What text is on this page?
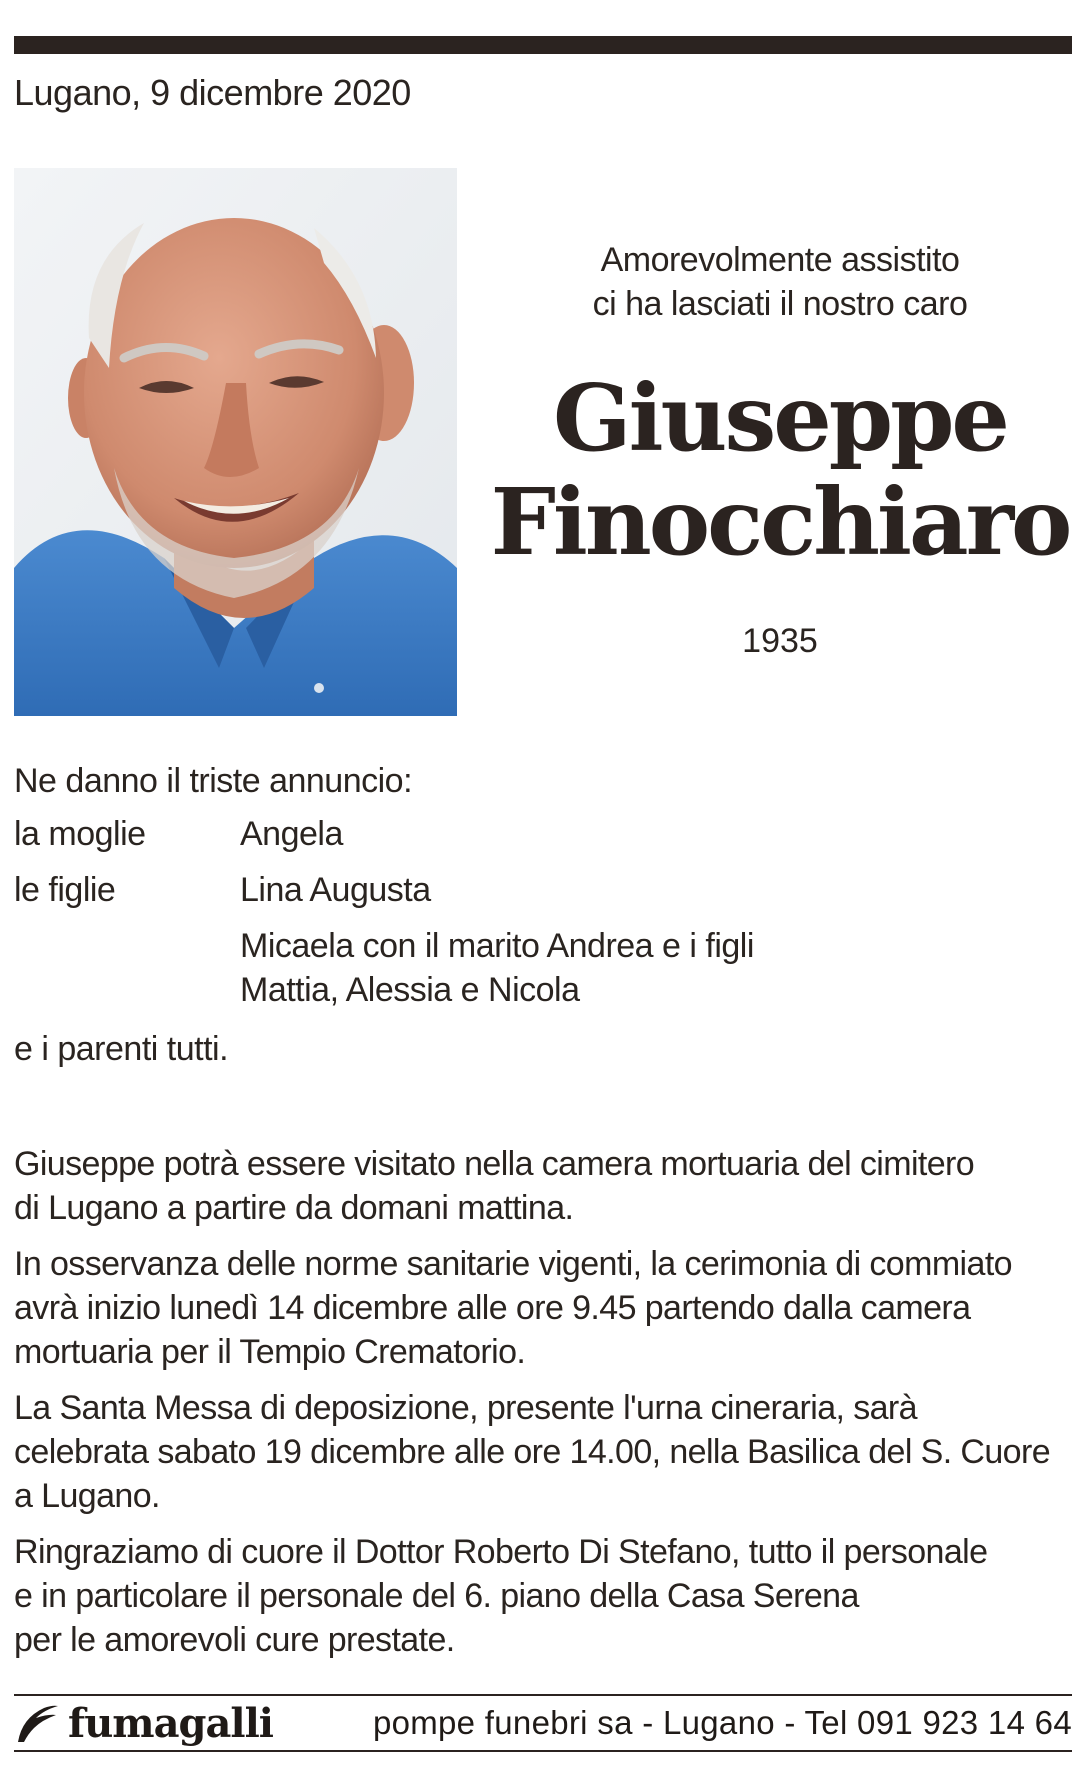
Lugano, 9 dicembre 2020
Amorevolmente assistito
ci ha lasciati il nostro caro
Giuseppe
Finocchiaro
1935
Ne danno il triste annuncio:
la moglie	Angela
le figlie	Lina Augusta
Micaela con il marito Andrea e i figli
Mattia, Alessia e Nicola
e i parenti tutti.
Giuseppe potrà essere visitato nella camera mortuaria del cimitero
di Lugano a partire da domani mattina.
In osservanza delle norme sanitarie vigenti, la cerimonia di commiato
avrà inizio lunedì 14 dicembre alle ore 9.45 partendo dalla camera
mortuaria per il Tempio Crematorio.
La Santa Messa di deposizione, presente l'urna cineraria, sarà
celebrata sabato 19 dicembre alle ore 14.00, nella Basilica del S. Cuore
a Lugano.
Ringraziamo di cuore il Dottor Roberto Di Stefano, tutto il personale
e in particolare il personale del 6. piano della Casa Serena
per le amorevoli cure prestate.
fumagalli	pompe funebri sa - Lugano - Tel 091 923 14 64
